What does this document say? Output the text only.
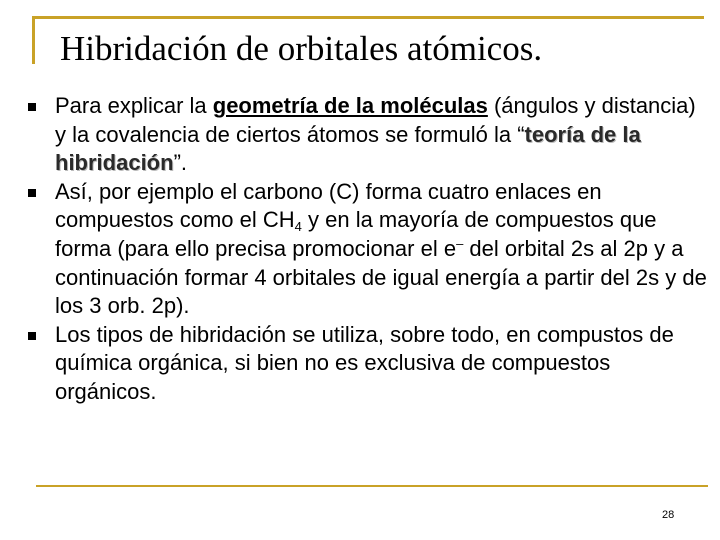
Hibridación de orbitales atómicos.
Para explicar la geometría de la moléculas (ángulos y distancia) y la covalencia de ciertos átomos se formuló la “teoría de la hibridación”.
Así, por ejemplo el carbono (C) forma cuatro enlaces en compuestos como el $CH_4$ y en la mayoría de compuestos que forma (para ello precisa promocionar el e– del orbital 2s al 2p y a continuación formar 4 orbitales de igual energía a partir del 2s y de los 3 orb. 2p).
Los tipos de hibridación se utiliza, sobre todo, en compustos de química orgánica, si bien no es exclusiva de compuestos orgánicos.
28
